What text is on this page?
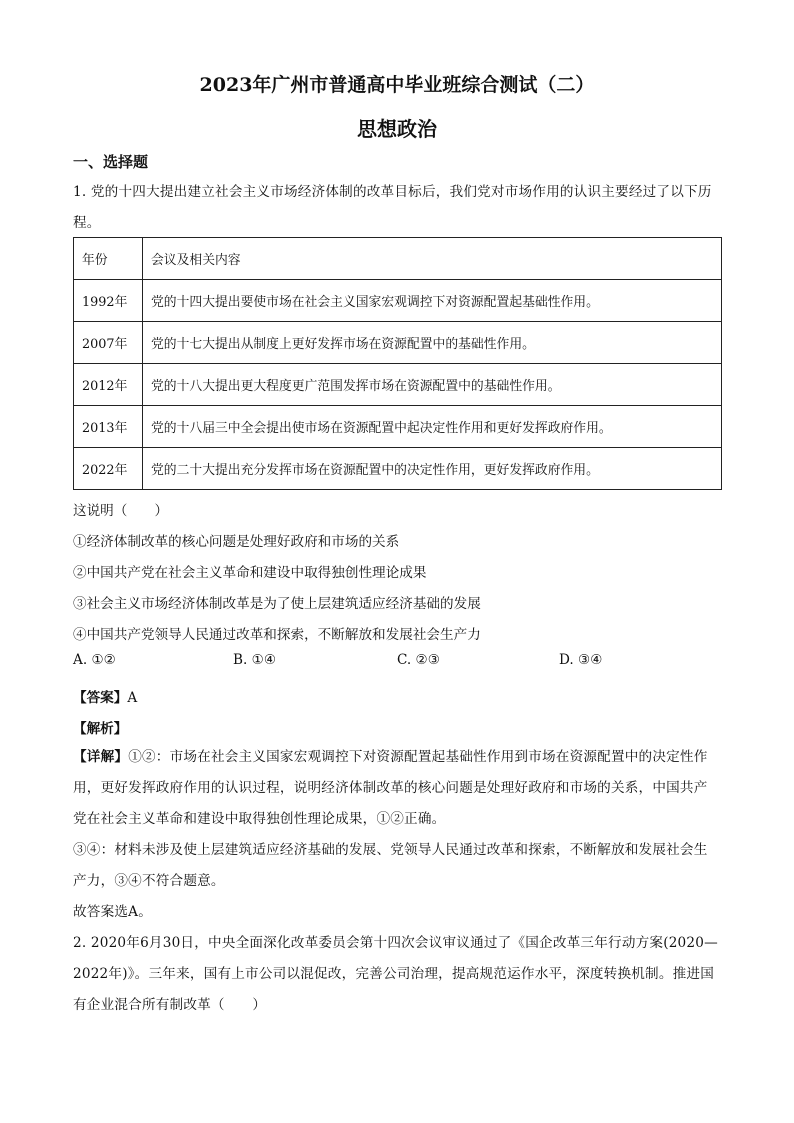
2023年广州市普通高中毕业班综合测试（二）
思想政治
一、选择题
1. 党的十四大提出建立社会主义市场经济体制的改革目标后，我们党对市场作用的认识主要经过了以下历
程。
年份	会议及相关内容
1992年	党的十四大提出要使市场在社会主义国家宏观调控下对资源配置起基础性作用。
2007年	党的十七大提出从制度上更好发挥市场在资源配置中的基础性作用。
2012年	党的十八大提出更大程度更广范围发挥市场在资源配置中的基础性作用。
2013年	党的十八届三中全会提出使市场在资源配置中起决定性作用和更好发挥政府作用。
2022年	党的二十大提出充分发挥市场在资源配置中的决定性作用，更好发挥政府作用。
这说明（　　）
①经济体制改革的核心问题是处理好政府和市场的关系
②中国共产党在社会主义革命和建设中取得独创性理论成果
③社会主义市场经济体制改革是为了使上层建筑适应经济基础的发展
④中国共产党领导人民通过改革和探索，不断解放和发展社会生产力
A. ①②	B. ①④	C. ②③	D. ③④
【答案】A
【解析】
【详解】①②：市场在社会主义国家宏观调控下对资源配置起基础性作用到市场在资源配置中的决定性作
用，更好发挥政府作用的认识过程，说明经济体制改革的核心问题是处理好政府和市场的关系，中国共产
党在社会主义革命和建设中取得独创性理论成果，①②正确。
③④：材料未涉及使上层建筑适应经济基础的发展、党领导人民通过改革和探索，不断解放和发展社会生
产力，③④不符合题意。
故答案选A。
2. 2020年6月30日，中央全面深化改革委员会第十四次会议审议通过了《国企改革三年行动方案(2020—
2022年)》。三年来，国有上市公司以混促改，完善公司治理，提高规范运作水平，深度转换机制。推进国
有企业混合所有制改革（　　）
